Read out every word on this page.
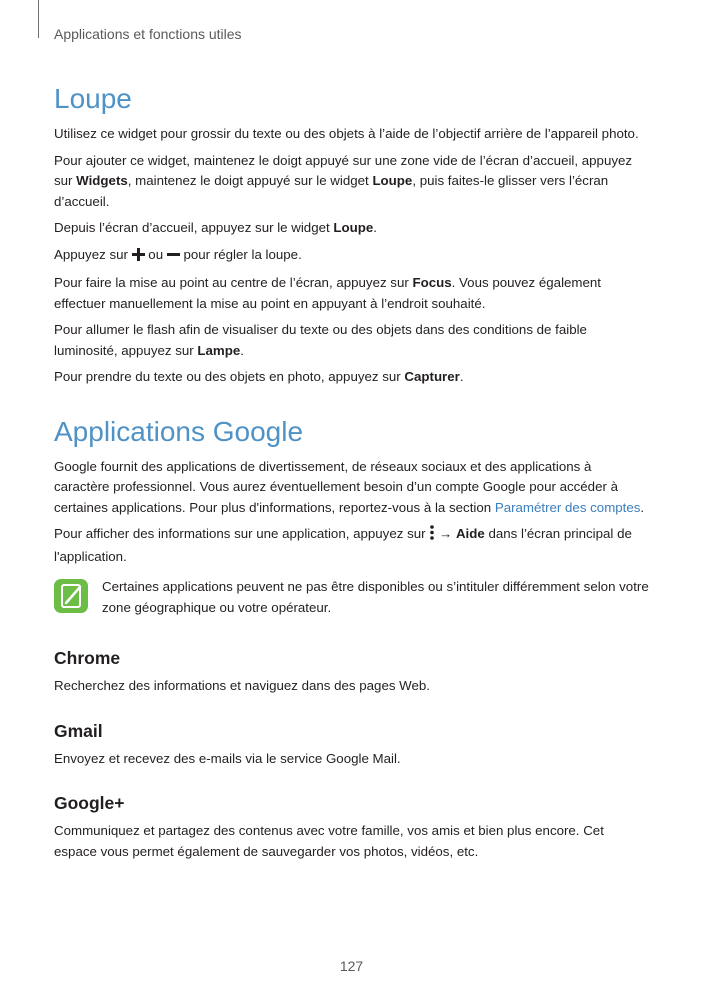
Applications et fonctions utiles
Loupe

Utilisez ce widget pour grossir du texte ou des objets à l’aide de l’objectif arrière de l’appareil photo.

Pour ajouter ce widget, maintenez le doigt appuyé sur une zone vide de l’écran d’accueil, appuyez sur Widgets, maintenez le doigt appuyé sur le widget Loupe, puis faites-le glisser vers l’écran d’accueil.

Depuis l’écran d’accueil, appuyez sur le widget Loupe.

Appuyez sur  ou  pour régler la loupe.

Pour faire la mise au point au centre de l’écran, appuyez sur Focus. Vous pouvez également effectuer manuellement la mise au point en appuyant à l’endroit souhaité.

Pour allumer le flash afin de visualiser du texte ou des objets dans des conditions de faible luminosité, appuyez sur Lampe.

Pour prendre du texte ou des objets en photo, appuyez sur Capturer.

Applications Google

Google fournit des applications de divertissement, de réseaux sociaux et des applications à caractère professionnel. Vous aurez éventuellement besoin d’un compte Google pour accéder à certaines applications. Pour plus d'informations, reportez-vous à la section Paramétrer des comptes.

Pour afficher des informations sur une application, appuyez sur  → Aide dans l’écran principal de l'application.

Certaines applications peuvent ne pas être disponibles ou s’intituler différemment selon votre zone géographique ou votre opérateur.

Chrome

Recherchez des informations et naviguez dans des pages Web.

Gmail

Envoyez et recevez des e-mails via le service Google Mail.

Google+

Communiquez et partagez des contenus avec votre famille, vos amis et bien plus encore. Cet espace vous permet également de sauvegarder vos photos, vidéos, etc.

127
